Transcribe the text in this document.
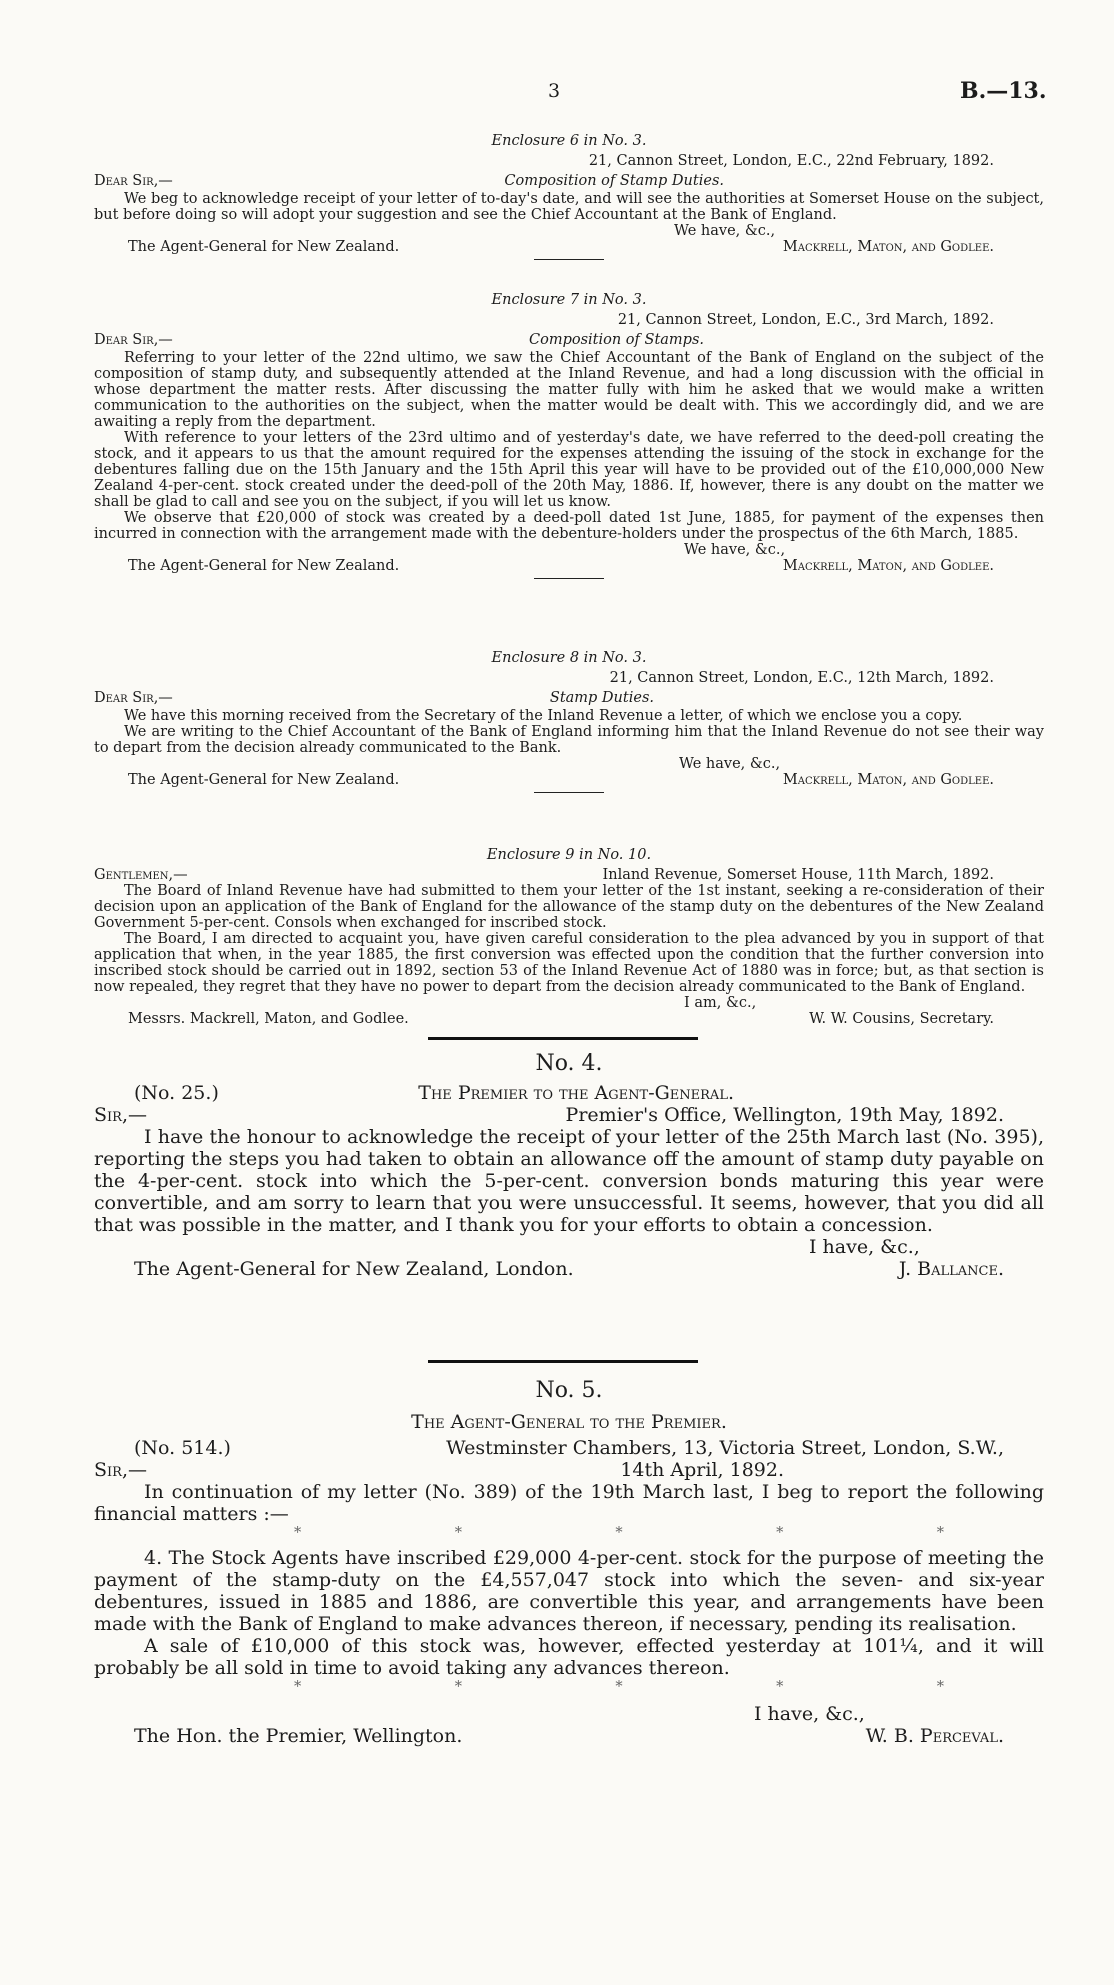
3	B.—13.
Enclosure 6 in No. 3.
21, Cannon Street, London, E.C., 22nd February, 1892.
Dear Sir,—	Composition of Stamp Duties.
We beg to acknowledge receipt of your letter of to-day's date, and will see the authorities at Somerset House on the subject, but before doing so will adopt your suggestion and see the Chief Accountant at the Bank of England.
We have, &c.,
The Agent-General for New Zealand.	Mackrell, Maton, and Godlee.
Enclosure 7 in No. 3.
21, Cannon Street, London, E.C., 3rd March, 1892.
Dear Sir,—	Composition of Stamps.
Referring to your letter of the 22nd ultimo, we saw the Chief Accountant of the Bank of England on the subject of the composition of stamp duty, and subsequently attended at the Inland Revenue, and had a long discussion with the official in whose department the matter rests. After discussing the matter fully with him he asked that we would make a written communication to the authorities on the subject, when the matter would be dealt with. This we accordingly did, and we are awaiting a reply from the department.
With reference to your letters of the 23rd ultimo and of yesterday's date, we have referred to the deed-poll creating the stock, and it appears to us that the amount required for the expenses attending the issuing of the stock in exchange for the debentures falling due on the 15th January and the 15th April this year will have to be provided out of the £10,000,000 New Zealand 4-per-cent. stock created under the deed-poll of the 20th May, 1886. If, however, there is any doubt on the matter we shall be glad to call and see you on the subject, if you will let us know.
We observe that £20,000 of stock was created by a deed-poll dated 1st June, 1885, for payment of the expenses then incurred in connection with the arrangement made with the debenture-holders under the prospectus of the 6th March, 1885.
We have, &c.,
The Agent-General for New Zealand.	Mackrell, Maton, and Godlee.
Enclosure 8 in No. 3.
21, Cannon Street, London, E.C., 12th March, 1892.
Dear Sir,—	Stamp Duties.
We have this morning received from the Secretary of the Inland Revenue a letter, of which we enclose you a copy.
We are writing to the Chief Accountant of the Bank of England informing him that the Inland Revenue do not see their way to depart from the decision already communicated to the Bank.
We have, &c.,
The Agent-General for New Zealand.	Mackrell, Maton, and Godlee.
Enclosure 9 in No. 10.
Gentlemen,—	Inland Revenue, Somerset House, 11th March, 1892.
The Board of Inland Revenue have had submitted to them your letter of the 1st instant, seeking a re-consideration of their decision upon an application of the Bank of England for the allowance of the stamp duty on the debentures of the New Zealand Government 5-per-cent. Consols when exchanged for inscribed stock.
The Board, I am directed to acquaint you, have given careful consideration to the plea advanced by you in support of that application that when, in the year 1885, the first conversion was effected upon the condition that the further conversion into inscribed stock should be carried out in 1892, section 53 of the Inland Revenue Act of 1880 was in force; but, as that section is now repealed, they regret that they have no power to depart from the decision already communicated to the Bank of England.
I am, &c.,
Messrs. Mackrell, Maton, and Godlee.	W. W. Cousins, Secretary.
No. 4.
(No. 25.)	The Premier to the Agent-General.
Sir,—	Premier's Office, Wellington, 19th May, 1892.
I have the honour to acknowledge the receipt of your letter of the 25th March last (No. 395), reporting the steps you had taken to obtain an allowance off the amount of stamp duty payable on the 4-per-cent. stock into which the 5-per-cent. conversion bonds maturing this year were convertible, and am sorry to learn that you were unsuccessful. It seems, however, that you did all that was possible in the matter, and I thank you for your efforts to obtain a concession.
I have, &c.,
The Agent-General for New Zealand, London.	J. Ballance.
No. 5.
The Agent-General to the Premier.
(No. 514.)	Westminster Chambers, 13, Victoria Street, London, S.W.,
Sir,—	14th April, 1892.
In continuation of my letter (No. 389) of the 19th March last, I beg to report the following financial matters :—
*	*	*	*	*
4. The Stock Agents have inscribed £29,000 4-per-cent. stock for the purpose of meeting the payment of the stamp-duty on the £4,557,047 stock into which the seven- and six-year debentures, issued in 1885 and 1886, are convertible this year, and arrangements have been made with the Bank of England to make advances thereon, if necessary, pending its realisation.
A sale of £10,000 of this stock was, however, effected yesterday at 101¼, and it will probably be all sold in time to avoid taking any advances thereon.
*	*	*	*	*
I have, &c.,
The Hon. the Premier, Wellington.	W. B. Perceval.
